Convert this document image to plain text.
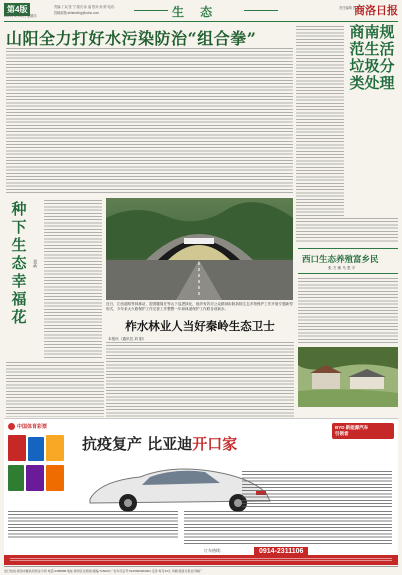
第4版
2021年4月22日 星期四
责编:丁双 张 宁 版式:孙 晶 校对:孙 婷 电话:
投稿邮箱:shlsbzbhg@sohu.com	生 态	责任编辑 晋 敏
商洛日报
山阳全力打好水污染防治“组合拳”	商南规范生活垃圾分类处理
种下生态幸福花
刘 菡
近日，江西道路等林林站，提着腰筒在等山下巡逻绿化，组织有效对公众精神拆除拆除生态多物保护工作开展专题新型形式，今年来大火路保护工作完善工作整整一年和林道保护工作联各项新步。
柞水林业人当好秦岭生态卫士
本报讯（通讯员 刘 娟）
西口生态养殖富乡民
张 方 敏 马 思 平
中国体育彩票
抗疫复产 比亚迪开口家
BYD 新能源汽车
引领者
订车热线：	0914-2311106
发行热线:商洛市邮政局营业分局 电话:2385888 地址:商州区北新街 邮编:726000 广告许可证号:6125000000002 定价:每月33元 印刷:商洛日报社印刷厂
